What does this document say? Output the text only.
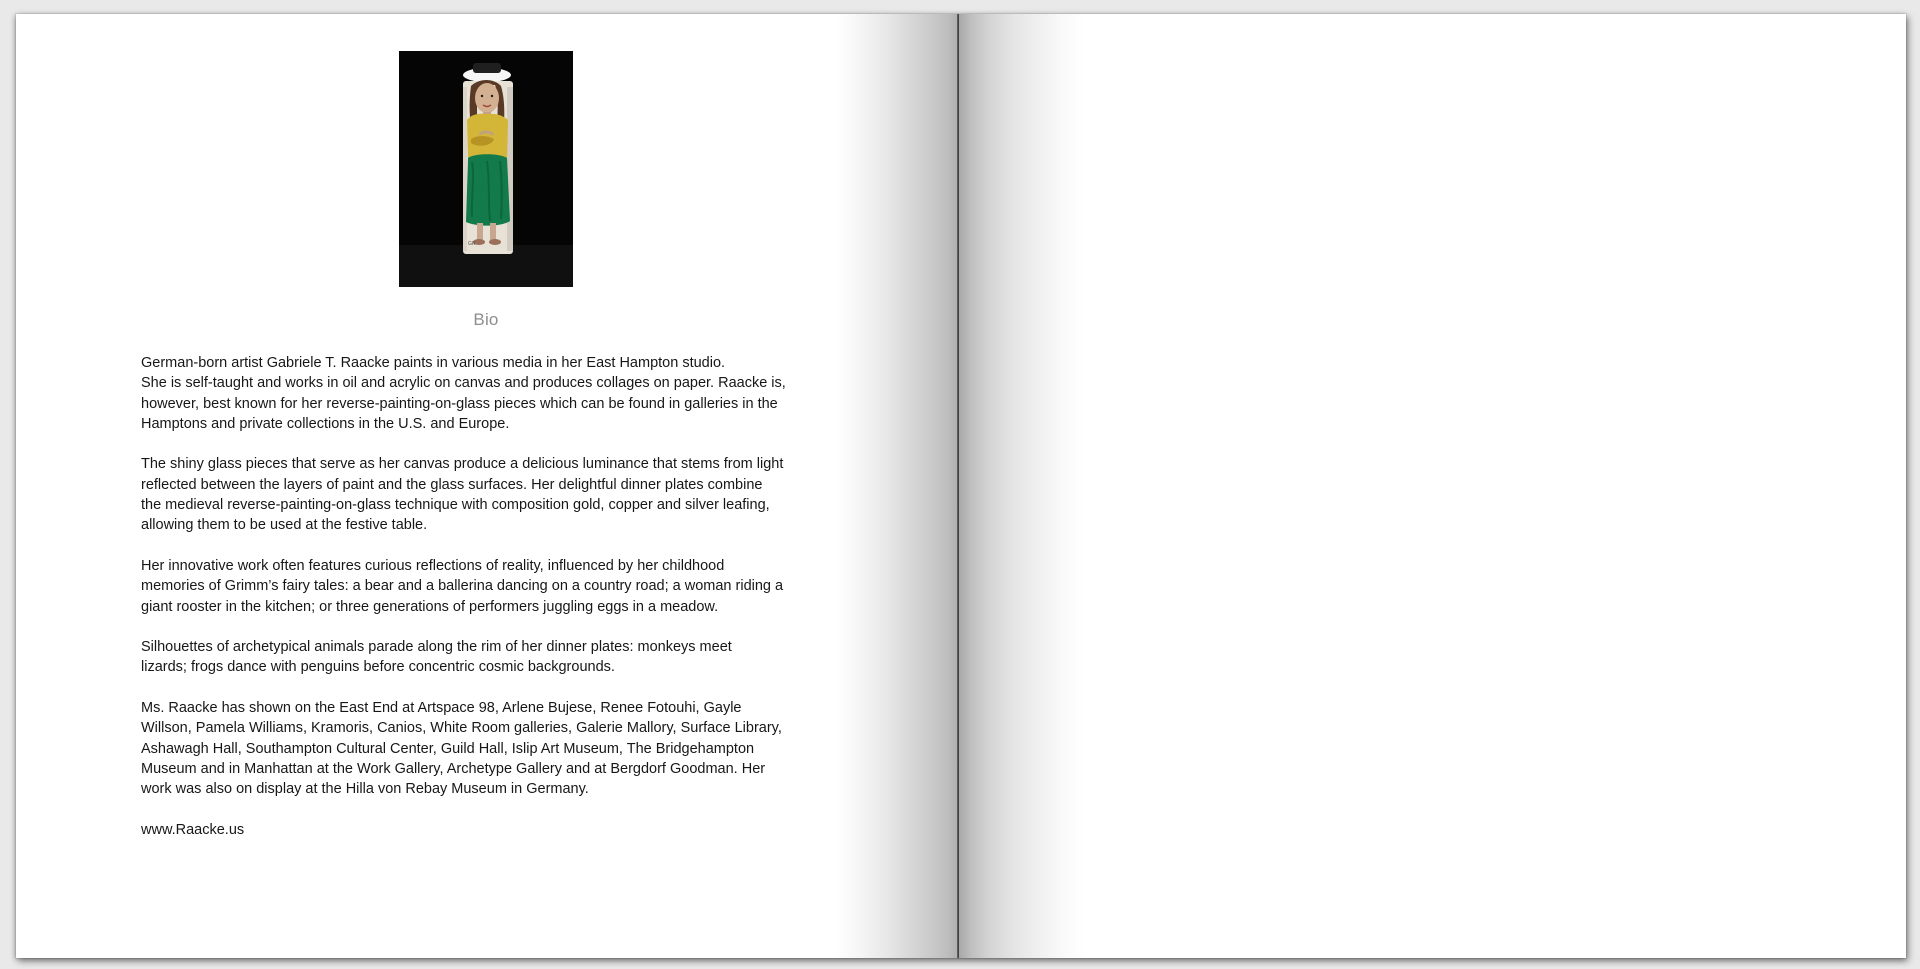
GR
Bio

German-born artist Gabriele T. Raacke paints in various media in her East Hampton studio.
She is self-taught and works in oil and acrylic on canvas and produces collages on paper. Raacke is,
however, best known for her reverse-painting-on-glass pieces which can be found in galleries in the
Hamptons and private collections in the U.S. and Europe.

The shiny glass pieces that serve as her canvas produce a delicious luminance that stems from light
reflected between the layers of paint and the glass surfaces. Her delightful dinner plates combine
the medieval reverse-painting-on-glass technique with composition gold, copper and silver leafing,
allowing them to be used at the festive table.

Her innovative work often features curious reflections of reality, influenced by her childhood
memories of Grimm’s fairy tales: a bear and a ballerina dancing on a country road; a woman riding a
giant rooster in the kitchen; or three generations of performers juggling eggs in a meadow.

Silhouettes of archetypical animals parade along the rim of her dinner plates: monkeys meet
lizards; frogs dance with penguins before concentric cosmic backgrounds.

Ms. Raacke has shown on the East End at Artspace 98, Arlene Bujese, Renee Fotouhi, Gayle
Willson, Pamela Williams, Kramoris, Canios, White Room galleries, Galerie Mallory, Surface Library,
Ashawagh Hall, Southampton Cultural Center, Guild Hall, Islip Art Museum, The Bridgehampton
Museum and in Manhattan at the Work Gallery, Archetype Gallery and at Bergdorf Goodman. Her
work was also on display at the Hilla von Rebay Museum in Germany.

www.Raacke.us
